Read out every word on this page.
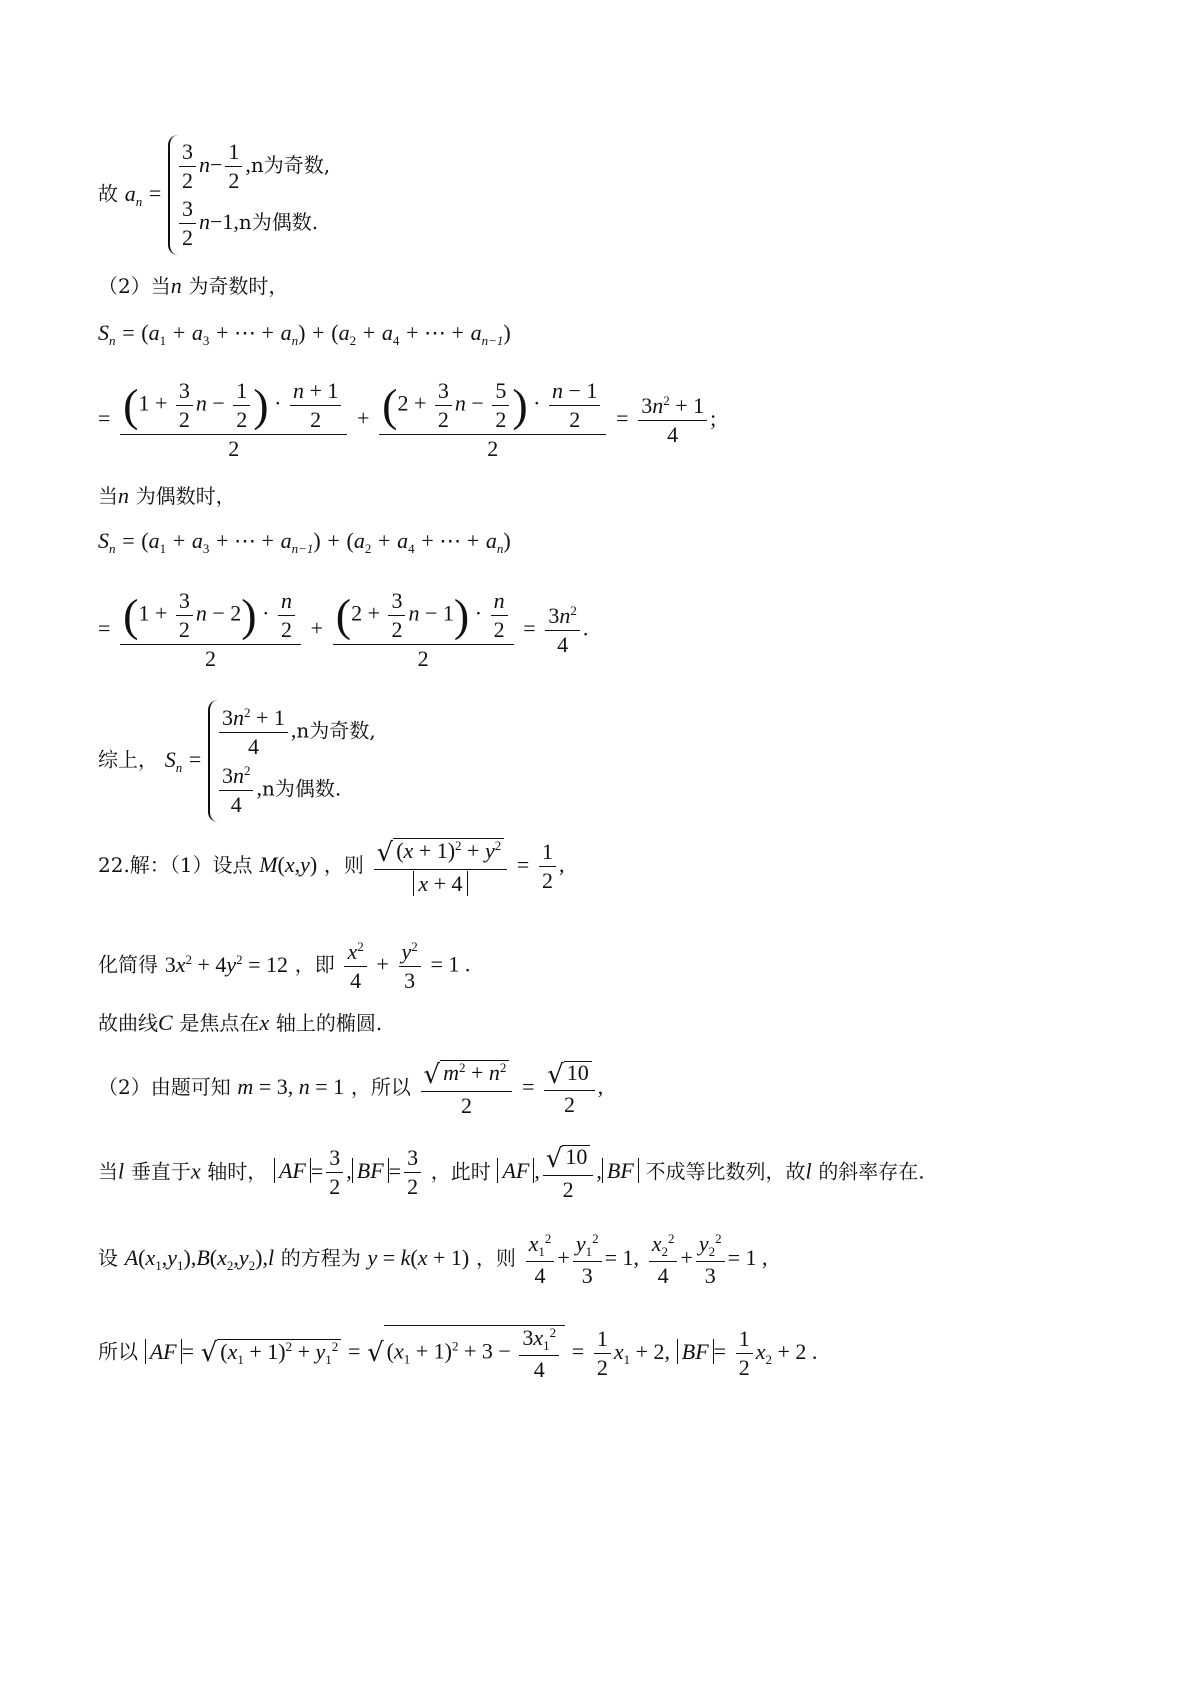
故 $a_n$ =
$\frac{3}{2} n- \frac{1}{2} ,n$为奇数,
$\frac{3}{2} n-1,n$为偶数.
（2）当n 为奇数时，
$S_n = (a_1 + a_3$ + ⋯ + $a_n) + (a_2 + a_4$ + ⋯ + $a_{n-1}$)
= $\frac{(1 + \frac{3}{2} n - \frac{1}{2} ) \cdot \frac{n + 1}{2}}{2} + \frac{(2 + \frac{3}{2} n - \frac{5}{2} ) \cdot \frac{n - 1}{2}}{2} = \frac{3n^2 + 1}{4}$ ;
当n 为偶数时，
$S_n = (a_1 + a_3$ + ⋯ + $a_{n-1}) + (a_2 + a_4$ + ⋯ + $a_n$)
= $\frac{(1 + \frac{3}{2} n - 2) \cdot \frac{n}{2}}{2} + \frac{(2 + \frac{3}{2} n - 1) \cdot \frac{n}{2}}{2} = \frac{3n^2}{4}$ .
综上， $S_n$ =
$\frac{3n^2 + 1}{4} ,n$为奇数,
$\frac{3n^2}{4} ,n$为偶数.
22.解：（1）设点 M(x,y) ，则 $\frac{√ (x + 1)^2 + y^2}{x + 4} = \frac{1}{2}$ ,
化简得 $3x^2 + 4y^2 = 12$ ，即 $\frac{x^2}{4} + \frac{y^2}{3} = 1$ .
故曲线C 是焦点在x 轴上的椭圆.
（2）由题可知 m = 3, n = 1 ，所以 $\frac{√ m^2 + n^2}{2} = \frac{√ 10}{2}$ ,
当l 垂直于x 轴时， AF = $\frac{3}{2}$ , BF = $\frac{3}{2}$ ，此时 AF , $\frac{√ 10}{2}$ , BF 不成等比数列，故l 的斜率存在.
设 $A(x_1,y_1),B(x_2,y_2),l$ 的方程为 y = k(x + 1) ，则 $\frac{x_1^2}{4} + \frac{y_1^2}{3} = 1$, $\frac{x_2^2}{4} + \frac{y_2^2}{3} = 1$ ,
所以 AF = √ $(x_1 + 1)^2 + y_1^2$ = √ $(x_1 + 1)^2 + 3 - \frac{3x_1^2}{4} = \frac{1}{2} x_1 + 2$, BF = $\frac{1}{2} x_2 + 2$ .
